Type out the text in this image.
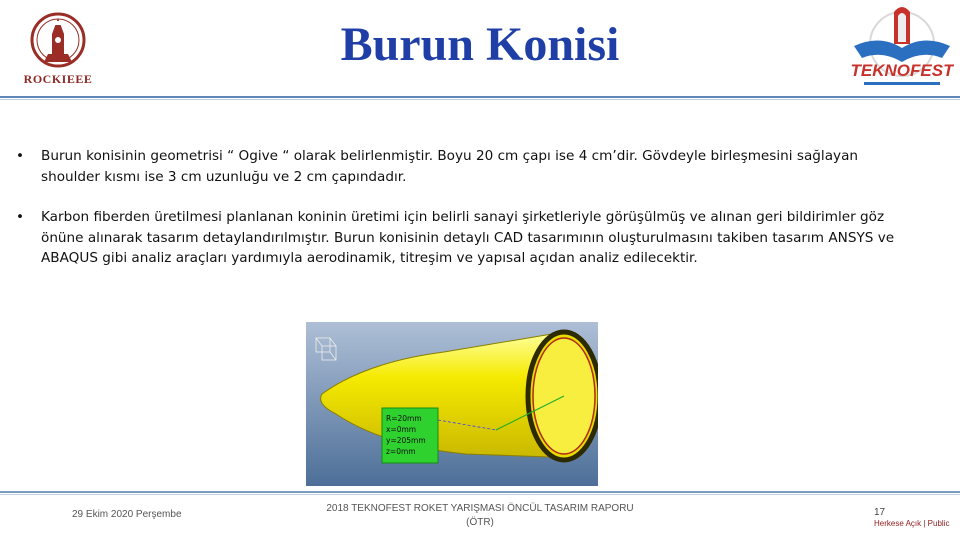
ROCKIEEE
Burun Konisi	TEKNOFEST
• Burun konisinin geometrisi “ Ogive “ olarak belirlenmiştir. Boyu 20 cm çapı ise 4 cm’dir. Gövdeyle birleşmesini sağlayan shoulder kısmı ise 3 cm uzunluğu ve 2 cm çapındadır.
• Karbon fiberden üretilmesi planlanan koninin üretimi için belirli sanayi şirketleriyle görüşülmüş ve alınan geri bildirimler göz önüne alınarak tasarım detaylandırılmıştır. Burun konisinin detaylı CAD tasarımının oluşturulmasını takiben tasarım ANSYS ve ABAQUS gibi analiz araçları yardımıyla aerodinamik, titreşim ve yapısal açıdan analiz edilecektir.
R=20mm
x=0mm
y=205mm
z=0mm
29 Ekim 2020 Perşembe
2018 TEKNOFEST ROKET YARIŞMASI ÖNCÜL TASARIM RAPORU
(ÖTR)
17
Herkese Açık | Public
